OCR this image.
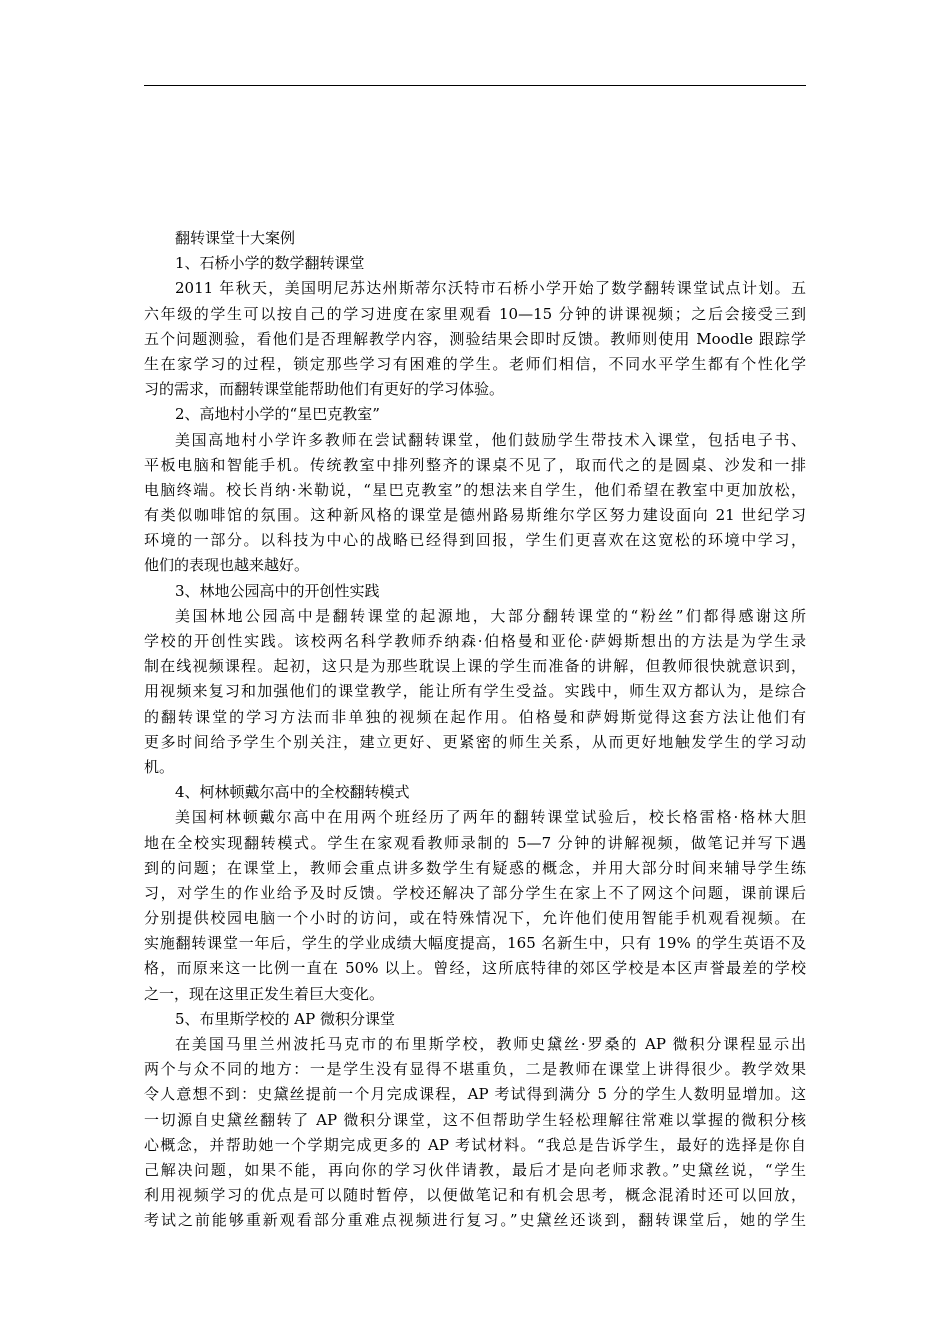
翻转课堂十大案例
1、石桥小学的数学翻转课堂
2011 年秋天，美国明尼苏达州斯蒂尔沃特市石桥小学开始了数学翻转课堂试点计划。五
六年级的学生可以按自己的学习进度在家里观看 10—15 分钟的讲课视频；之后会接受三到
五个问题测验，看他们是否理解教学内容，测验结果会即时反馈。教师则使用 Moodle 跟踪学
生在家学习的过程，锁定那些学习有困难的学生。老师们相信，不同水平学生都有个性化学
习的需求，而翻转课堂能帮助他们有更好的学习体验。
2、高地村小学的“星巴克教室”
美国高地村小学许多教师在尝试翻转课堂，他们鼓励学生带技术入课堂，包括电子书、
平板电脑和智能手机。传统教室中排列整齐的课桌不见了，取而代之的是圆桌、沙发和一排
电脑终端。校长肖纳·米勒说，“星巴克教室”的想法来自学生，他们希望在教室中更加放松，
有类似咖啡馆的氛围。这种新风格的课堂是德州路易斯维尔学区努力建设面向 21 世纪学习
环境的一部分。以科技为中心的战略已经得到回报，学生们更喜欢在这宽松的环境中学习，
他们的表现也越来越好。
3、林地公园高中的开创性实践
美国林地公园高中是翻转课堂的起源地，大部分翻转课堂的“粉丝”们都得感谢这所
学校的开创性实践。该校两名科学教师乔纳森·伯格曼和亚伦·萨姆斯想出的方法是为学生录
制在线视频课程。起初，这只是为那些耽误上课的学生而准备的讲解，但教师很快就意识到，
用视频来复习和加强他们的课堂教学，能让所有学生受益。实践中，师生双方都认为，是综合
的翻转课堂的学习方法而非单独的视频在起作用。伯格曼和萨姆斯觉得这套方法让他们有
更多时间给予学生个别关注，建立更好、更紧密的师生关系，从而更好地触发学生的学习动
机。
4、柯林顿戴尔高中的全校翻转模式
美国柯林顿戴尔高中在用两个班经历了两年的翻转课堂试验后，校长格雷格·格林大胆
地在全校实现翻转模式。学生在家观看教师录制的 5—7 分钟的讲解视频，做笔记并写下遇
到的问题；在课堂上，教师会重点讲多数学生有疑惑的概念，并用大部分时间来辅导学生练
习，对学生的作业给予及时反馈。学校还解决了部分学生在家上不了网这个问题，课前课后
分别提供校园电脑一个小时的访问，或在特殊情况下，允许他们使用智能手机观看视频。在
实施翻转课堂一年后，学生的学业成绩大幅度提高，165 名新生中，只有 19% 的学生英语不及
格，而原来这一比例一直在 50% 以上。曾经，这所底特律的郊区学校是本区声誉最差的学校
之一，现在这里正发生着巨大变化。
5、布里斯学校的 AP 微积分课堂
在美国马里兰州波托马克市的布里斯学校，教师史黛丝·罗桑的 AP 微积分课程显示出
两个与众不同的地方：一是学生没有显得不堪重负，二是教师在课堂上讲得很少。教学效果
令人意想不到：史黛丝提前一个月完成课程，AP 考试得到满分 5 分的学生人数明显增加。这
一切源自史黛丝翻转了 AP 微积分课堂，这不但帮助学生轻松理解往常难以掌握的微积分核
心概念，并帮助她一个学期完成更多的 AP 考试材料。“我总是告诉学生，最好的选择是你自
己解决问题，如果不能，再向你的学习伙伴请教，最后才是向老师求教。”史黛丝说，“学生
利用视频学习的优点是可以随时暂停，以便做笔记和有机会思考，概念混淆时还可以回放，
考试之前能够重新观看部分重难点视频进行复习。”史黛丝还谈到，翻转课堂后，她的学生
